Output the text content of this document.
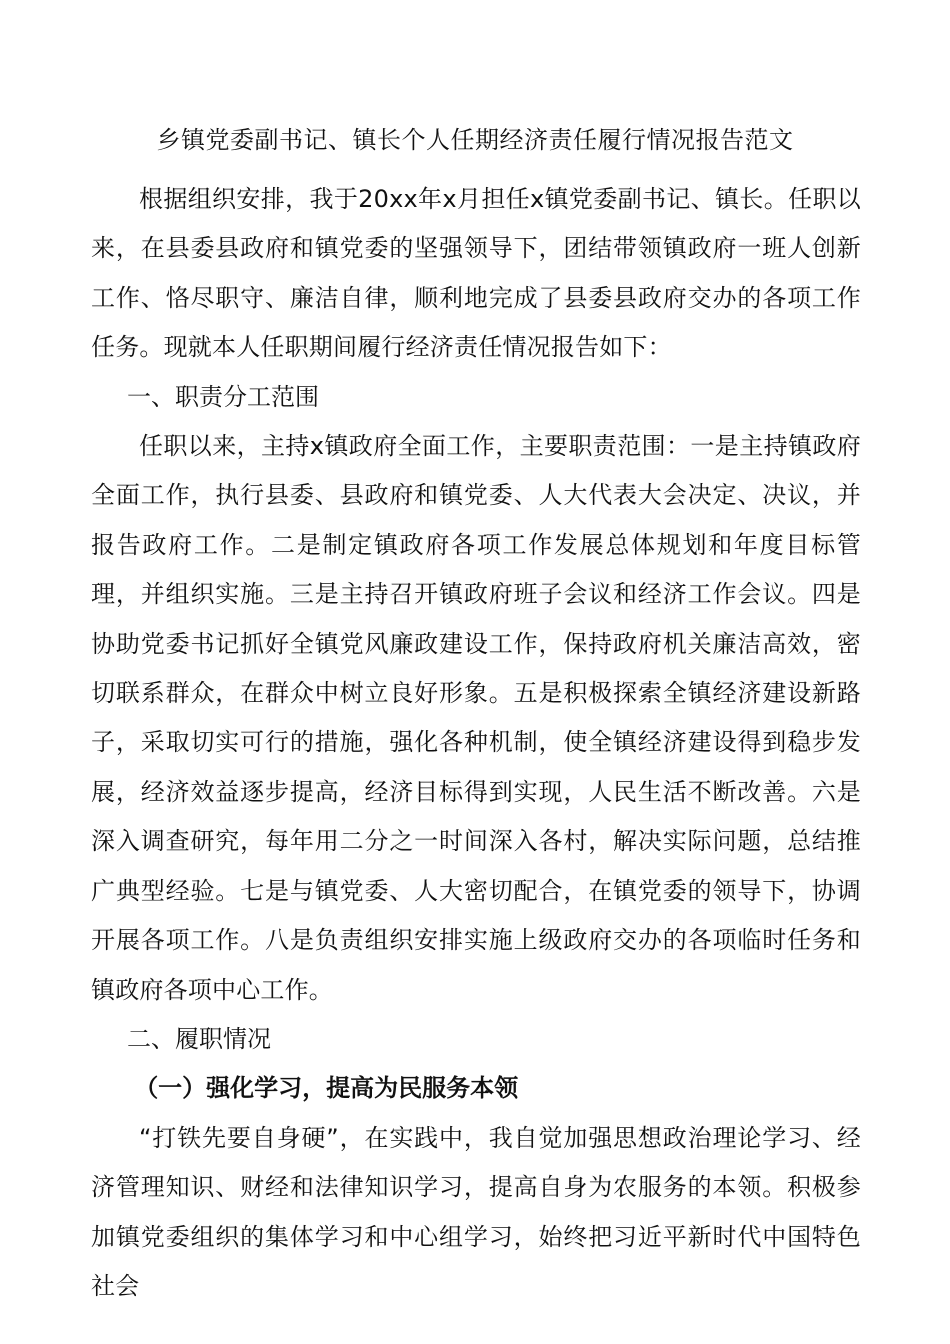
乡镇党委副书记、镇长个人任期经济责任履行情况报告范文

根据组织安排，我于20xx年x月担任x镇党委副书记、镇长。任职以来，在县委县政府和镇党委的坚强领导下，团结带领镇政府一班人创新工作、恪尽职守、廉洁自律，顺利地完成了县委县政府交办的各项工作任务。现就本人任职期间履行经济责任情况报告如下：

一、职责分工范围

任职以来，主持x镇政府全面工作，主要职责范围：一是主持镇政府全面工作，执行县委、县政府和镇党委、人大代表大会决定、决议，并报告政府工作。二是制定镇政府各项工作发展总体规划和年度目标管理，并组织实施。三是主持召开镇政府班子会议和经济工作会议。四是协助党委书记抓好全镇党风廉政建设工作，保持政府机关廉洁高效，密切联系群众，在群众中树立良好形象。五是积极探索全镇经济建设新路子，采取切实可行的措施，强化各种机制，使全镇经济建设得到稳步发展，经济效益逐步提高，经济目标得到实现，人民生活不断改善。六是深入调查研究，每年用二分之一时间深入各村，解决实际问题，总结推广典型经验。七是与镇党委、人大密切配合，在镇党委的领导下，协调开展各项工作。八是负责组织安排实施上级政府交办的各项临时任务和镇政府各项中心工作。

二、履职情况

（一）强化学习，提高为民服务本领

“打铁先要自身硬”，在实践中，我自觉加强思想政治理论学习、经济管理知识、财经和法律知识学习，提高自身为农服务的本领。积极参加镇党委组织的集体学习和中心组学习，始终把习近平新时代中国特色社会
